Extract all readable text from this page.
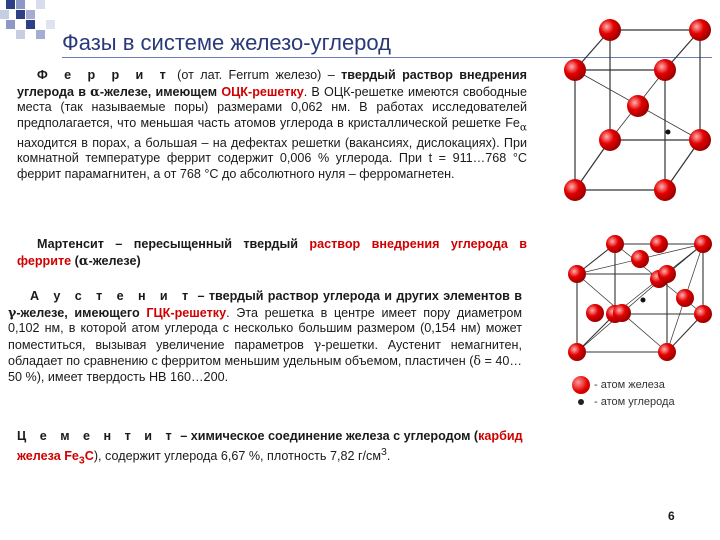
Фазы в системе железо-углерод

Ф е р р и т (от лат. Ferrum железо) – твердый раствор внедрения углерода в α-железе, имеющем ОЦК-решетку. В ОЦК-решетке имеются свободные места (так называемые поры) размерами 0,062 нм. В работах исследователей предполагается, что меньшая часть атомов углерода в кристаллической решетке $Fe_\alpha$ находится в порах, а большая – на дефектах решетки (вакансиях, дислокациях). При комнатной температуре феррит содержит 0,006 % углерода. При t = 911…768 °С феррит парамагнитен, а от 768 °С до абсолютного нуля – ферромагнетен.

Мартенсит – пересыщенный твердый раствор внедрения углерода в феррите (α-железе)

А у с т е н и т – твердый раствор углерода и других элементов в γ-железе, имеющего ГЦК-решетку. Эта решетка в центре имеет пору диаметром 0,102 нм, в которой атом углерода с несколько большим размером (0,154 нм) может поместиться, вызывая увеличение параметров γ-решетки. Аустенит немагнитен, обладает по сравнению с ферритом меньшим удельным объемом, пластичен (δ = 40…50 %), имеет твердость НВ 160…200.

Ц е м е н т и т – химическое соединение железа с углеродом (карбид железа $Fe_3С$), содержит углерода 6,67 %, плотность 7,82 $г/см^3$.

- атом железа
- атом углерода
6
